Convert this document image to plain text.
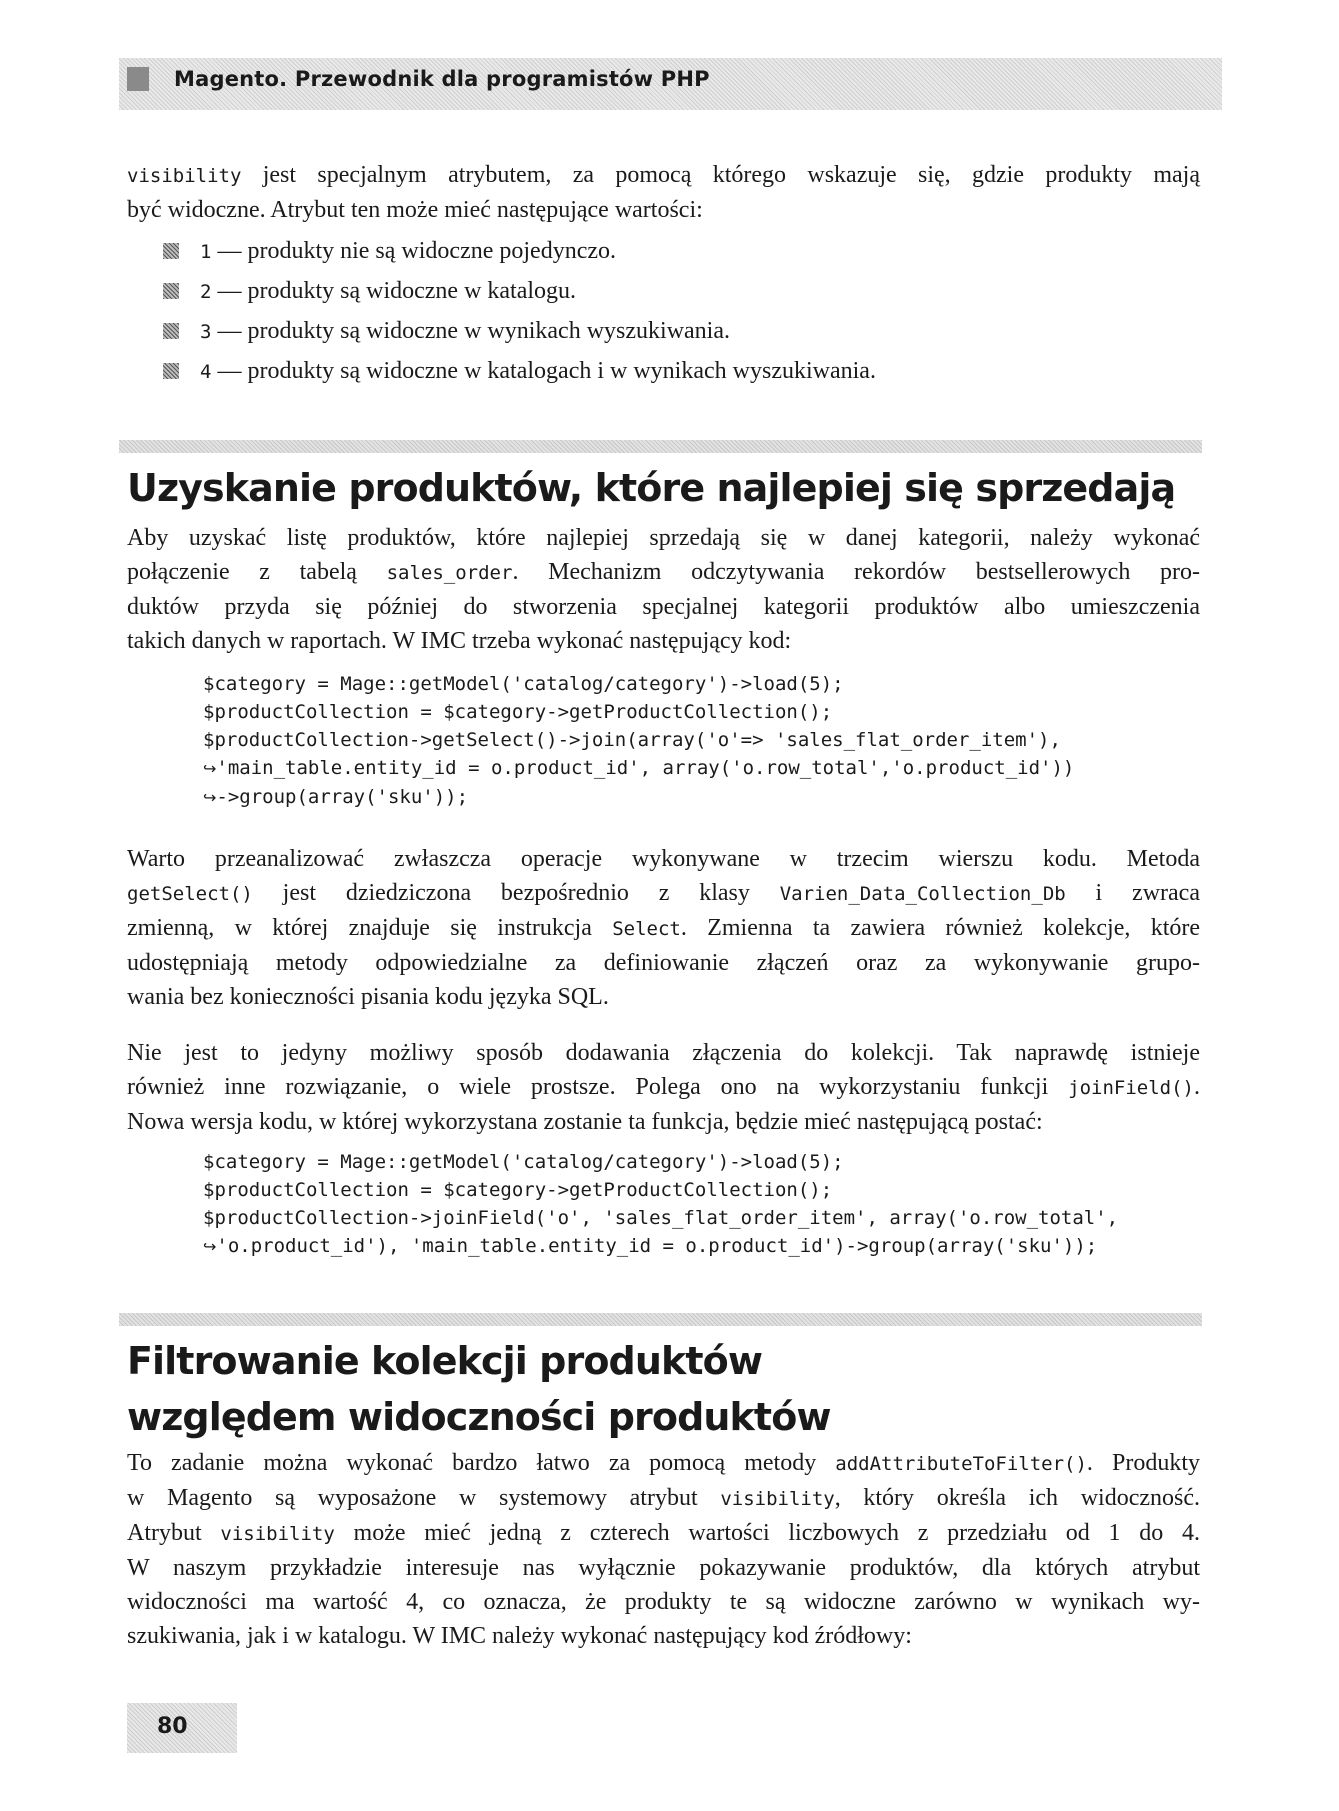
Magento. Przewodnik dla programistów PHP

visibility jest specjalnym atrybutem, za pomocą którego wskazuje się, gdzie produkty mają
być widoczne. Atrybut ten może mieć następujące wartości:

1 — produkty nie są widoczne pojedynczo.
2 — produkty są widoczne w katalogu.
3 — produkty są widoczne w wynikach wyszukiwania.
4 — produkty są widoczne w katalogach i w wynikach wyszukiwania.
Uzyskanie produktów, które najlepiej się sprzedają

Aby uzyskać listę produktów, które najlepiej sprzedają się w danej kategorii, należy wykonać
połączenie z tabelą sales_order. Mechanizm odczytywania rekordów bestsellerowych pro-
duktów przyda się później do stworzenia specjalnej kategorii produktów albo umieszczenia
takich danych w raportach. W IMC trzeba wykonać następujący kod:

$category = Mage::getModel('catalog/category')->load(5);
$productCollection = $category->getProductCollection();
$productCollection->getSelect()->join(array('o'=> 'sales_flat_order_item'),
↪'main_table.entity_id = o.product_id', array('o.row_total','o.product_id'))
↪->group(array('sku'));

Warto przeanalizować zwłaszcza operacje wykonywane w trzecim wierszu kodu. Metoda
getSelect() jest dziedziczona bezpośrednio z klasy Varien_Data_Collection_Db i zwraca
zmienną, w której znajduje się instrukcja Select. Zmienna ta zawiera również kolekcje, które
udostępniają metody odpowiedzialne za definiowanie złączeń oraz za wykonywanie grupo-
wania bez konieczności pisania kodu języka SQL.

Nie jest to jedyny możliwy sposób dodawania złączenia do kolekcji. Tak naprawdę istnieje
również inne rozwiązanie, o wiele prostsze. Polega ono na wykorzystaniu funkcji joinField().
Nowa wersja kodu, w której wykorzystana zostanie ta funkcja, będzie mieć następującą postać:

$category = Mage::getModel('catalog/category')->load(5);
$productCollection = $category->getProductCollection();
$productCollection->joinField('o', 'sales_flat_order_item', array('o.row_total',
↪'o.product_id'), 'main_table.entity_id = o.product_id')->group(array('sku'));
Filtrowanie kolekcji produktów
względem widoczności produktów

To zadanie można wykonać bardzo łatwo za pomocą metody addAttributeToFilter(). Produkty
w Magento są wyposażone w systemowy atrybut visibility, który określa ich widoczność.
Atrybut visibility może mieć jedną z czterech wartości liczbowych z przedziału od 1 do 4.
W naszym przykładzie interesuje nas wyłącznie pokazywanie produktów, dla których atrybut
widoczności ma wartość 4, co oznacza, że produkty te są widoczne zarówno w wynikach wy-
szukiwania, jak i w katalogu. W IMC należy wykonać następujący kod źródłowy:

80
